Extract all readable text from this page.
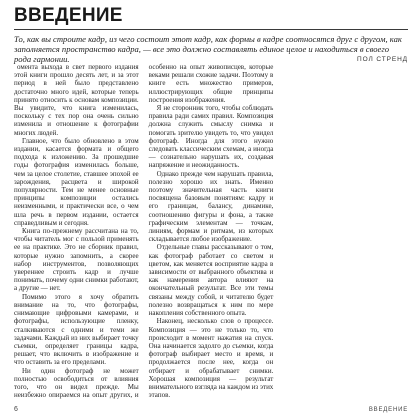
ВВЕДЕНИЕ

То, как вы строите кадр, из чего состоит этот кадр, как формы в кадре соотносятся друг с другом, как заполняется пространство кадра, — все это должно составлять единое целое и находиться в своего рода гармонии.	ПОЛ СТРЕНД

омента выхода в свет первого издания этой книги прошло десять лет, и за этот период в ней было представлено достаточно много идей, которые теперь принято относить к основам композиции. Вы увидите, что книга изменилась, поскольку с тех пор она очень сильно изменила и отношение к фотографии многих людей.

Главное, что было обновлено в этом издании, касается формата и общего подхода к изложению. За прошедшие годы фотография изменилась больше, чем за целое столетие, ставшее эпохой ее зарождения, расцвета и широкой популярности. Тем не менее основные принципы композиции остались неизменными, и практически все, о чем шла речь в первом издании, остается справедливым и сегодня.

Книга по-прежнему рассчитана на то, чтобы читатель мог с пользой применять ее на практике. Это не сборник правил, которые нужно запомнить, а скорее набор инструментов, позволяющих увереннее строить кадр и лучше понимать, почему одни снимки работают, а другие — нет.

Помимо этого я хочу обратить внимание на то, что фотографы, снимающие цифровыми камерами, и фотографы, использующие пленку, сталкиваются с одними и теми же задачами. Каждый из них выбирает точку съемки, определяет границы кадра, решает, что включить в изображение и что оставить за его пределами.

Ни один фотограф не может полностью освободиться от влияния того, что он видел прежде. Мы неизбежно опираемся на опыт других, и особенно на опыт живописцев, которые веками решали схожие задачи. Поэтому в книге есть множество примеров, иллюстрирующих общие принципы построения изображения.

Я не сторонник того, чтобы соблюдать правила ради самих правил. Композиция должна служить смыслу снимка и помогать зрителю увидеть то, что увидел фотограф. Иногда для этого нужно следовать классическим схемам, а иногда — сознательно нарушать их, создавая напряжение и неожиданность.

Однако прежде чем нарушать правила, полезно хорошо их знать. Именно поэтому значительная часть книги посвящена базовым понятиям: кадру и его границам, балансу, динамике, соотношению фигуры и фона, а также графическим элементам — точкам, линиям, формам и ритмам, из которых складывается любое изображение.

Отдельные главы рассказывают о том, как фотограф работает со светом и цветом, как меняется восприятие кадра в зависимости от выбранного объектива и как намерения автора влияют на окончательный результат. Все эти темы связаны между собой, и читателю будет полезно возвращаться к ним по мере накопления собственного опыта.

Наконец, несколько слов о процессе. Композиция — это не только то, что происходит в момент нажатия на спуск. Она начинается задолго до съемки, когда фотограф выбирает место и время, и продолжается после нее, когда он отбирает и обрабатывает снимки. Хорошая композиция — результат внимательного взгляда на каждом из этих этапов.

6	ВВЕДЕНИЕ
